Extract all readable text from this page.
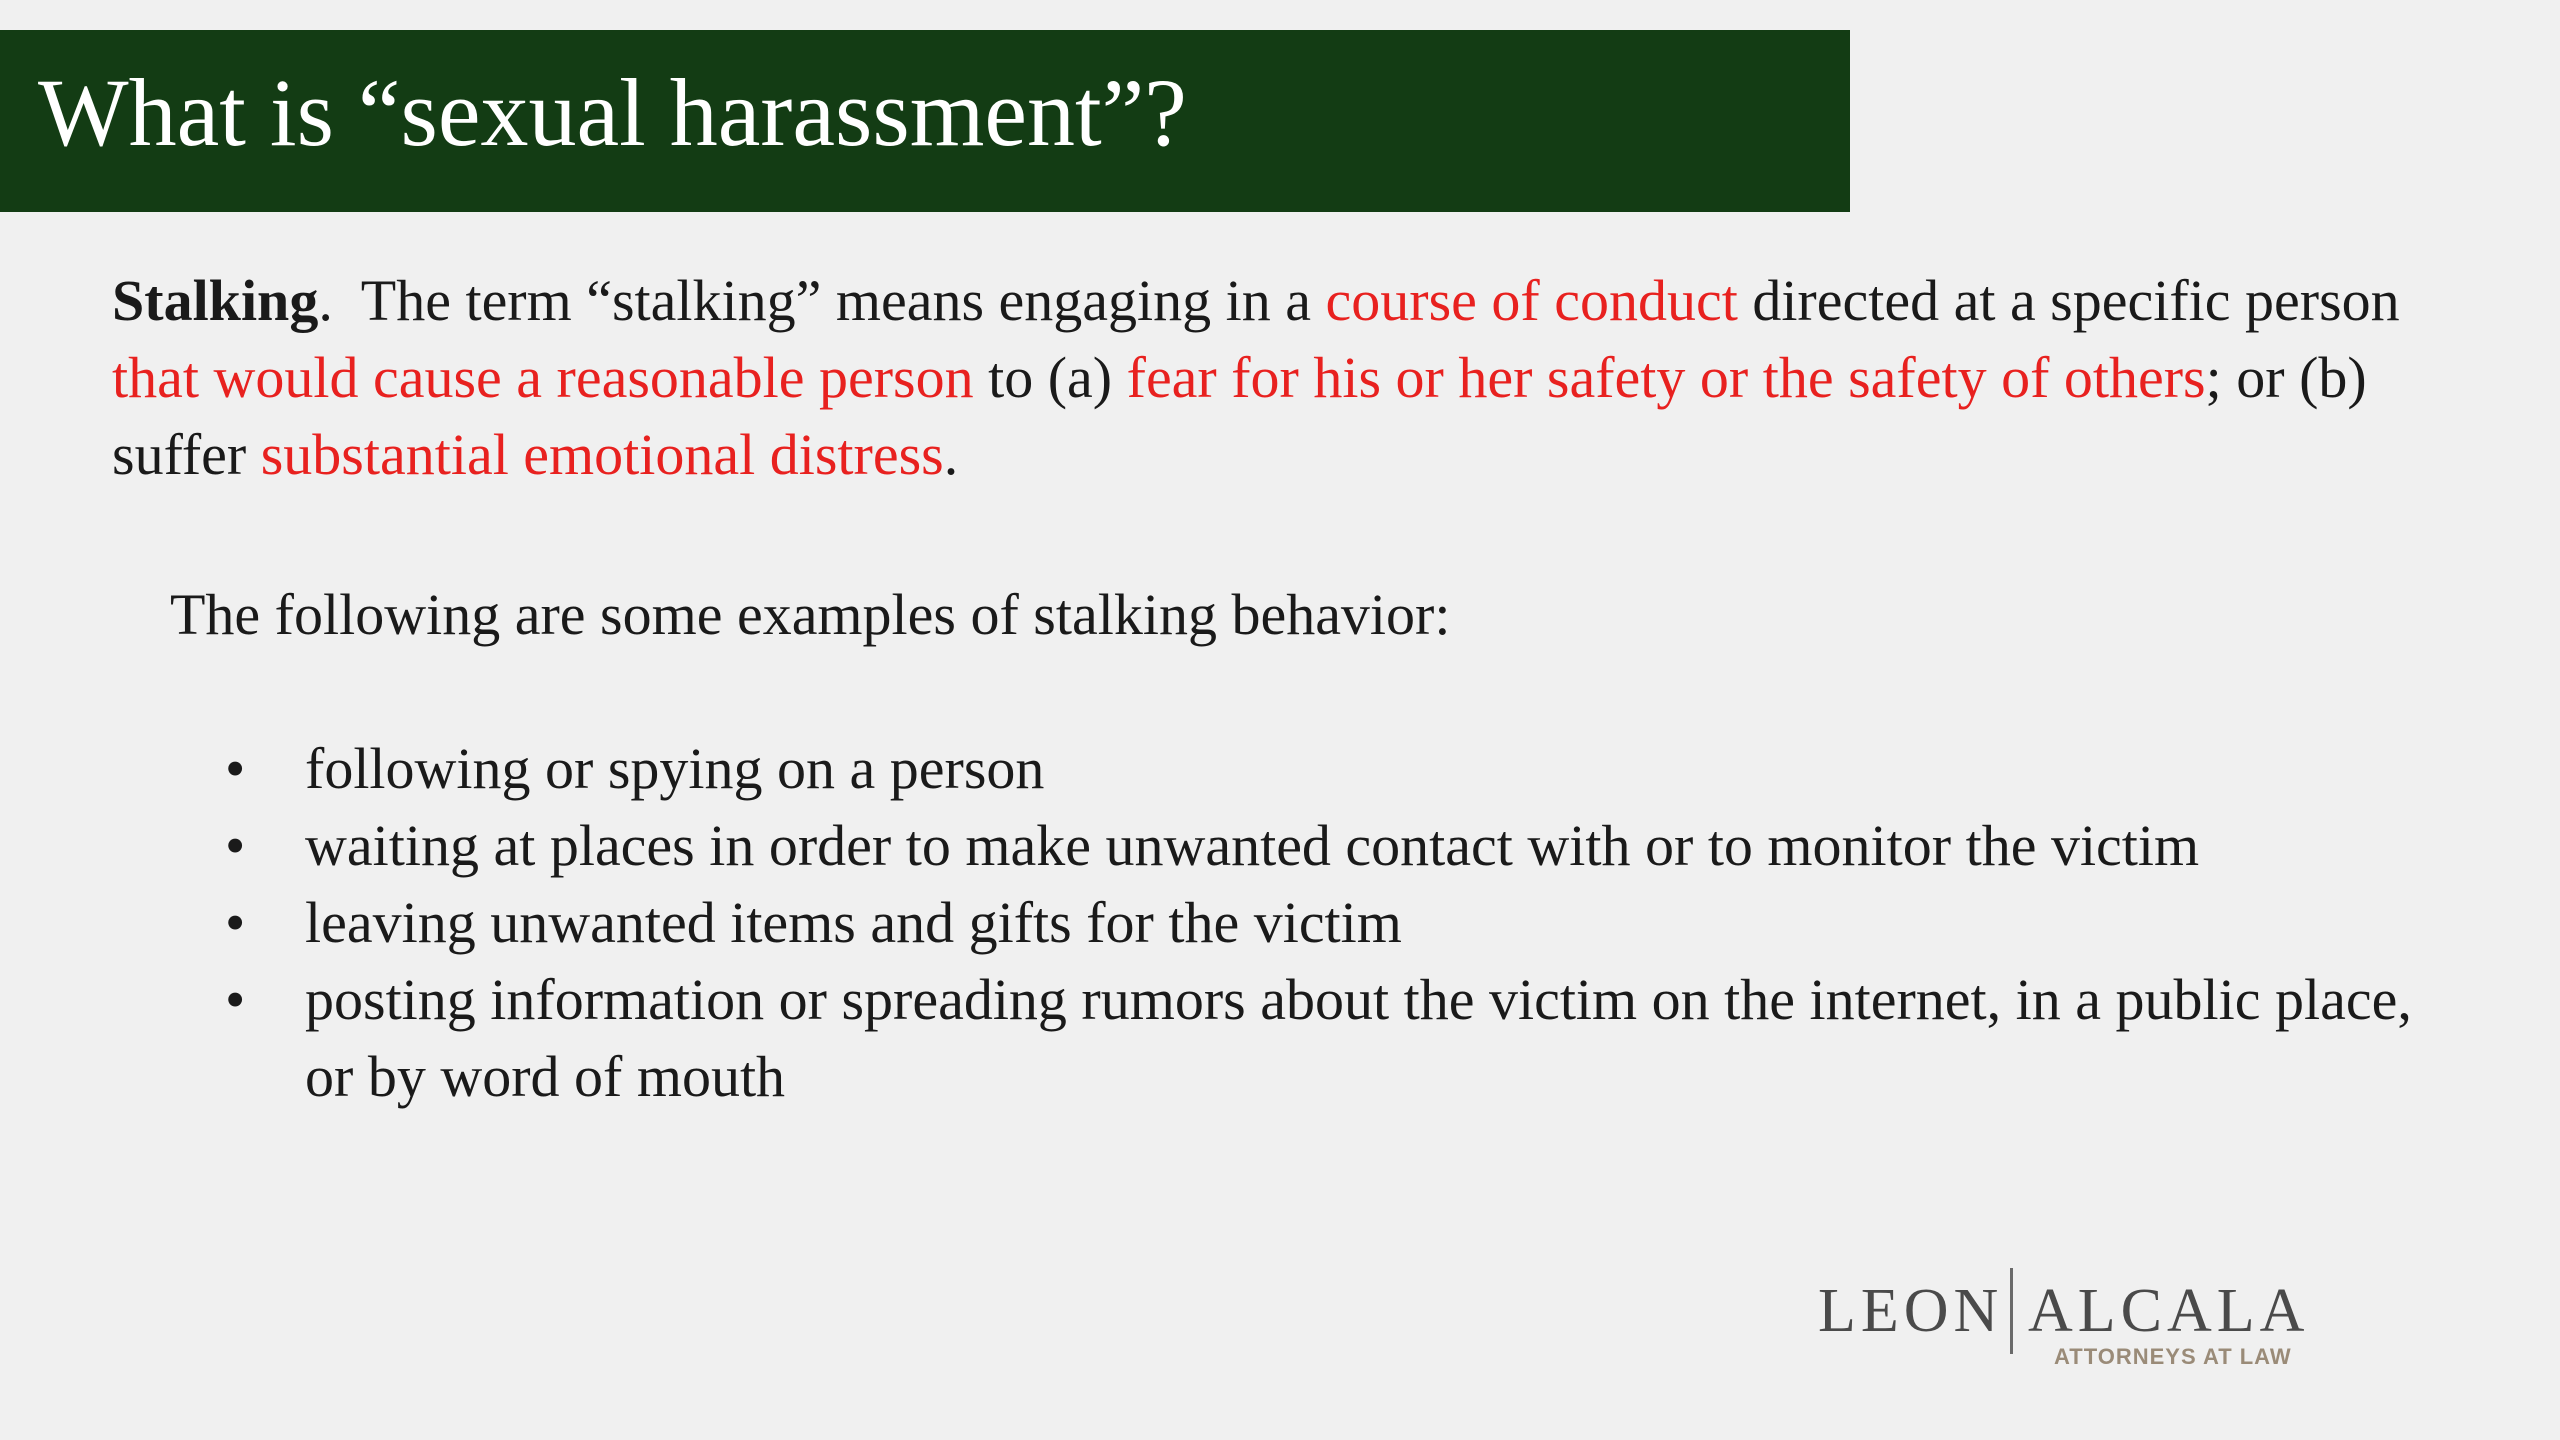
What is “sexual harassment”?

Stalking.  The term “stalking” means engaging in a course of conduct directed at a specific person that would cause a reasonable person to (a) fear for his or her safety or the safety of others; or (b) suffer substantial emotional distress.

The following are some examples of stalking behavior:

• following or spying on a person
• waiting at places in order to make unwanted contact with or to monitor the victim
• leaving unwanted items and gifts for the victim
• posting information or spreading rumors about the victim on the internet, in a public place, or by word of mouth
LEON ALCALA
ATTORNEYS AT LAW
